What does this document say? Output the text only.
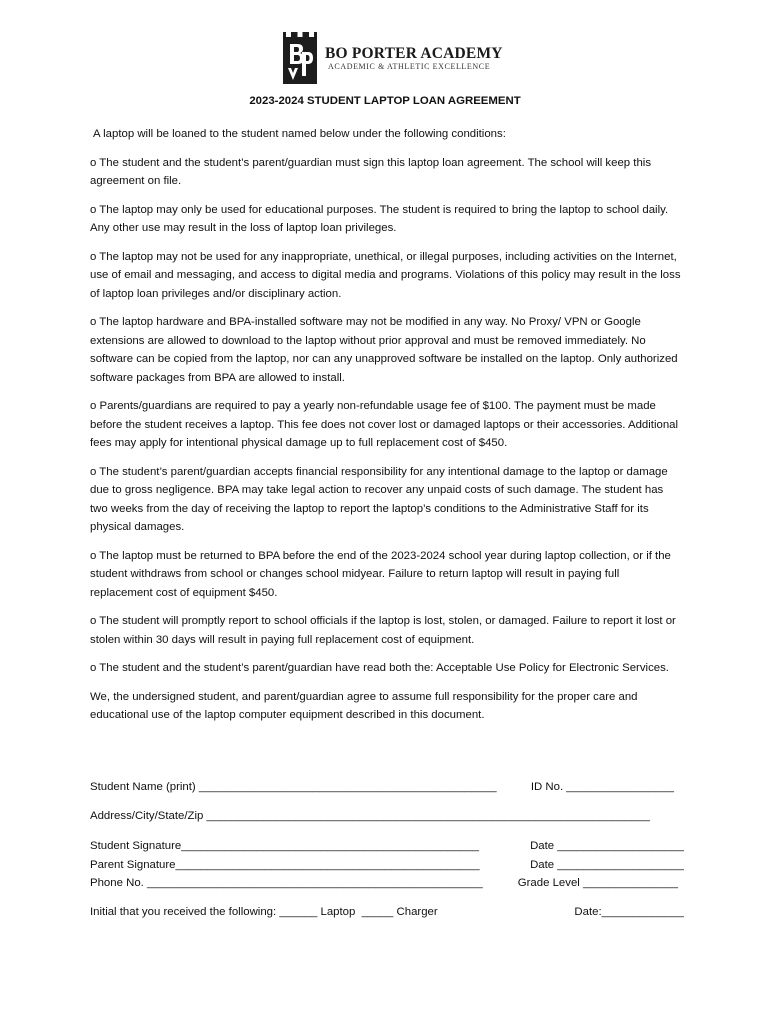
BO PORTER ACADEMY
ACADEMIC & ATHLETIC EXCELLENCE
2023-2024 STUDENT LAPTOP LOAN AGREEMENT

A laptop will be loaned to the student named below under the following conditions:

o The student and the student’s parent/guardian must sign this laptop loan agreement. The school will keep this agreement on file.

o The laptop may only be used for educational purposes. The student is required to bring the laptop to school daily. Any other use may result in the loss of laptop loan privileges.

o The laptop may not be used for any inappropriate, unethical, or illegal purposes, including activities on the Internet, use of email and messaging, and access to digital media and programs. Violations of this policy may result in the loss of laptop loan privileges and/or disciplinary action.

o The laptop hardware and BPA-installed software may not be modified in any way. No Proxy/ VPN or Google extensions are allowed to download to the laptop without prior approval and must be removed immediately. No software can be copied from the laptop, nor can any unapproved software be installed on the laptop. Only authorized software packages from BPA are allowed to install.

o Parents/guardians are required to pay a yearly non-refundable usage fee of $100. The payment must be made before the student receives a laptop. This fee does not cover lost or damaged laptops or their accessories. Additional fees may apply for intentional physical damage up to full replacement cost of $450.

o The student’s parent/guardian accepts financial responsibility for any intentional damage to the laptop or damage due to gross negligence. BPA may take legal action to recover any unpaid costs of such damage. The student has two weeks from the day of receiving the laptop to report the laptop’s conditions to the Administrative Staff for its physical damages.

o The laptop must be returned to BPA before the end of the 2023-2024 school year during laptop collection, or if the student withdraws from school or changes school midyear. Failure to return laptop will result in paying full replacement cost of equipment $450.

o The student will promptly report to school officials if the laptop is lost, stolen, or damaged. Failure to report it lost or stolen within 30 days will result in paying full replacement cost of equipment.

o The student and the student’s parent/guardian have read both the: Acceptable Use Policy for Electronic Services.

We, the undersigned student, and parent/guardian agree to assume full responsibility for the proper care and educational use of the laptop computer equipment described in this document.

Student Name (print) _______________________________________________	ID No. _________________
Address/City/State/Zip ______________________________________________________________________
Student Signature_______________________________________________	Date ____________________
Parent Signature________________________________________________	Date ____________________
Phone No. _____________________________________________________	Grade Level _______________
Initial that you received the following: ______ Laptop  _____ Charger	Date:_____________
